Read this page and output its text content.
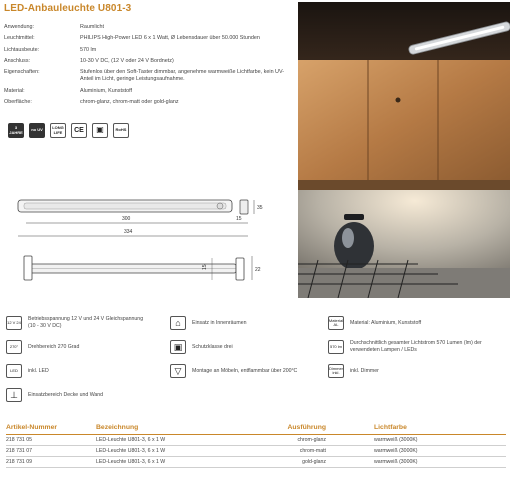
LED-Anbauleuchte U801-3
Anwendung:	Raumlicht
Leuchtmittel:	PHILIPS High-Power LED 6 x 1 Watt, Ø Lebensdauer über 50.000 Stunden
Lichtausbeute:	570 lm
Anschluss:	10-30 V DC, (12 V oder 24 V Bordnetz)
Eigenschaften:	Stufenlos über den Soft-Taster dimmbar, angenehme warmweiße Lichtfarbe, kein UV-Anteil im Licht, geringe Leistungsaufnahme.
Material:	Aluminium, Kunststoff
Oberfläche:	chrom-glanz, chrom-matt oder gold-glanz
3 JAHRE	no UV	LONG LIFE	CE	▣	RoHS
35
300	15
334
15	22
12 V 24
Betriebsspannung 12 V und 24 V Gleichspannung (10 - 30 V DC)	⌂	Einsatz in Innenräumen	Material AL	Material: Aluminium, Kunststoff
270°	Drehbereich 270 Grad	▣	Schutzklasse drei	570 lm
Durchschnittlich gesamter Lichtstrom 570 Lumen (lm) der verwendeten Lampen / LEDs
LED	inkl. LED	▽	Montage an Möbeln, entflammbar über 200°C	Dimmer inkl.	inkl. Dimmer
⊥	Einsatzbereich Decke und Wand
Artikel-Nummer	Bezeichnung	Ausführung	Lichtfarbe
218 731 05	LED-Leuchte U801-3, 6 x 1 W	chrom-glanz	warmweiß (3000K)
218 731 07	LED-Leuchte U801-3, 6 x 1 W	chrom-matt	warmweiß (3000K)
218 731 09	LED-Leuchte U801-3, 6 x 1 W	gold-glanz	warmweiß (3000K)
